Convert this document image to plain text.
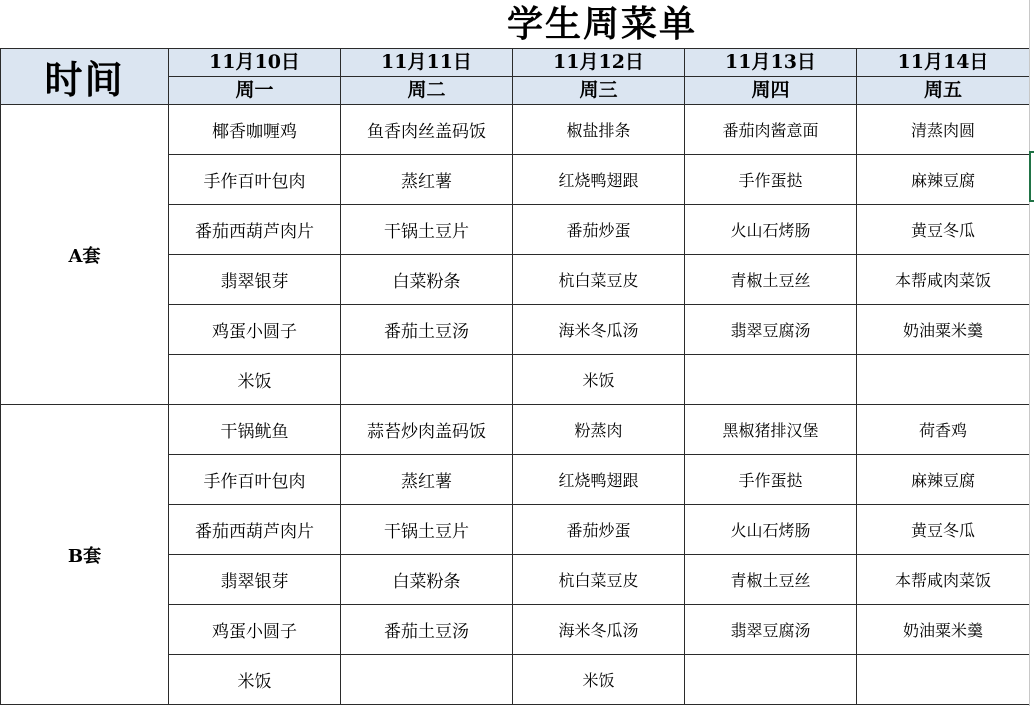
学生周菜单
时间	11月10日	11月11日	11月12日	11月13日	11月14日
	周一	周二	周三	周四	周五
A套	椰香咖喱鸡	鱼香肉丝盖码饭	椒盐排条	番茄肉酱意面	清蒸肉圆
	手作百叶包肉	蒸红薯	红烧鸭翅跟	手作蛋挞	麻辣豆腐
	番茄西葫芦肉片	干锅土豆片	番茄炒蛋	火山石烤肠	黄豆冬瓜
	翡翠银芽	白菜粉条	杭白菜豆皮	青椒土豆丝	本帮咸肉菜饭
	鸡蛋小圆子	番茄土豆汤	海米冬瓜汤	翡翠豆腐汤	奶油粟米羹
	米饭		米饭		
B套	干锅鱿鱼	蒜苔炒肉盖码饭	粉蒸肉	黑椒猪排汉堡	荷香鸡
	手作百叶包肉	蒸红薯	红烧鸭翅跟	手作蛋挞	麻辣豆腐
	番茄西葫芦肉片	干锅土豆片	番茄炒蛋	火山石烤肠	黄豆冬瓜
	翡翠银芽	白菜粉条	杭白菜豆皮	青椒土豆丝	本帮咸肉菜饭
	鸡蛋小圆子	番茄土豆汤	海米冬瓜汤	翡翠豆腐汤	奶油粟米羹
	米饭		米饭		
